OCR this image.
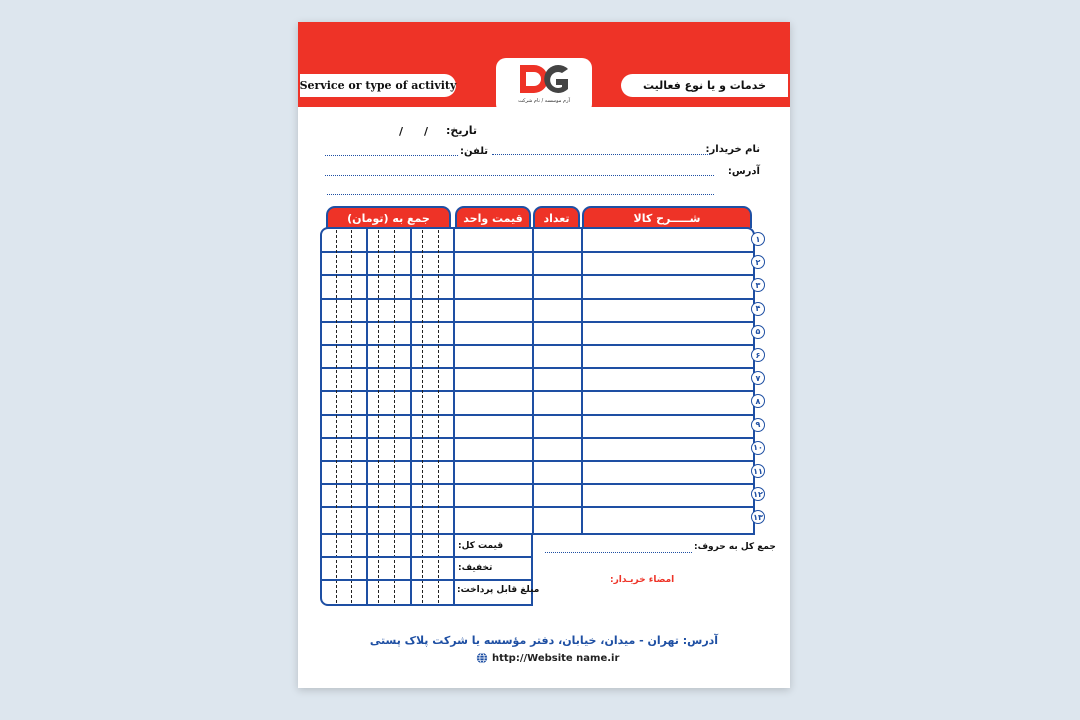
Service or type of activity	خدمات و یا نوع فعالیت
آرم موسسه / نام شرکت
تاریخ:
/
/
نام خریدار:
تلفن:
آدرس:
شـــــرح کالا
تعداد
قیمت واحد
جمع به (تومان)
قیمت کل:
تخفیف:
مبلغ قابل پرداخت:
جمع کل به حروف:
امضاء خریـدار:
آدرس: تهران - میدان، خیابان، دفتر مؤسسه یا شرکت پلاک پستی
http://Website name.ir
۱
۲
۳
۴
۵
۶
۷
۸
۹
۱۰
۱۱
۱۲
۱۳
